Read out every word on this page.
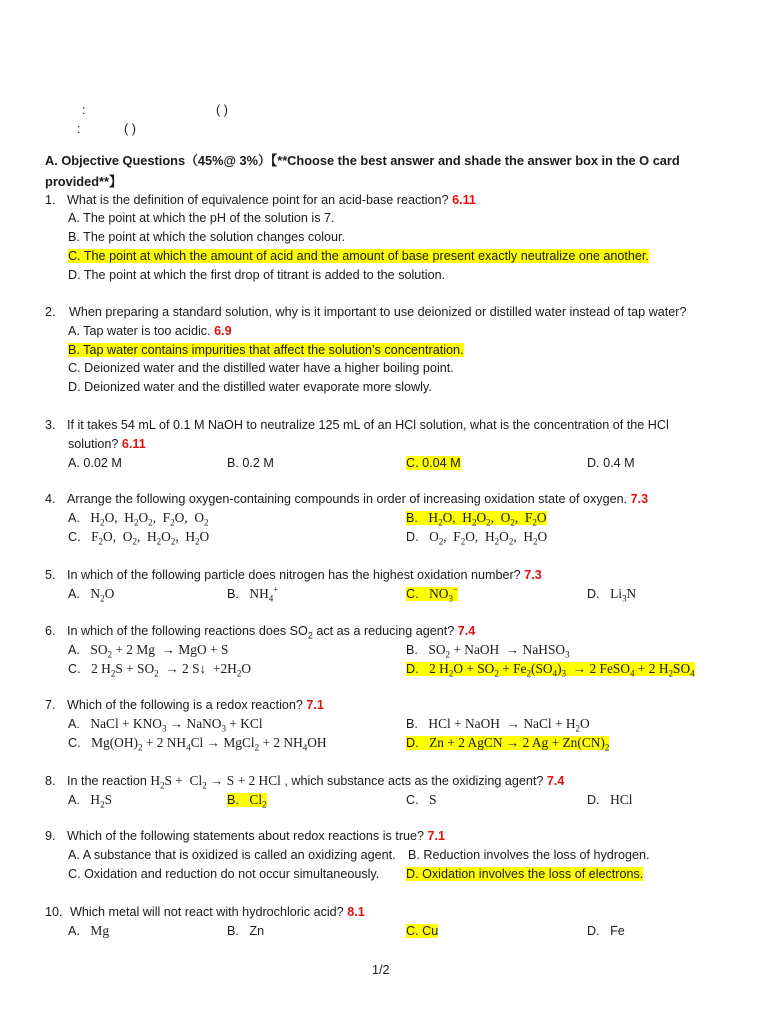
:	( )
:	( )
A. Objective Questions（45%@ 3%）【**Choose the best answer and shade the answer box in the O card
provided**】
1. What is the definition of equivalence point for an acid-base reaction? 6.11
A. The point at which the pH of the solution is 7.
B. The point at which the solution changes colour.
C. The point at which the amount of acid and the amount of base present exactly neutralize one another.
D. The point at which the first drop of titrant is added to the solution.
2. When preparing a standard solution, why is it important to use deionized or distilled water instead of tap water?
A. Tap water is too acidic. 6.9
B. Tap water contains impurities that affect the solution’s concentration.
C. Deionized water and the distilled water have a higher boiling point.
D. Deionized water and the distilled water evaporate more slowly.
3. If it takes 54 mL of 0.1 M NaOH to neutralize 125 mL of an HCl solution, what is the concentration of the HCl
solution? 6.11
A. 0.02 M	B. 0.2 M	C. 0.04 M	D. 0.4 M
4. Arrange the following oxygen-containing compounds in order of increasing oxidation state of oxygen. 7.3
A.   $H_2O$,  $H_2O_2$,  $F_2O$,  $O_2$	B.   $H_2O$,  $H_2O_2$,  $O_2$,  $F_2O$
C.   $F_2O$,  $O_2$,  $H_2O_2$,  $H_2O$	D.   $O_2$,  $F_2O$,  $H_2O_2$,  $H_2O$
5. In which of the following particle does nitrogen has the highest oxidation number? 7.3
A.   $N_2O$	B.   $NH_4^+$	C.   $NO_3^-$	D.   $Li_3N$
6. In which of the following reactions does $SO_2$ act as a reducing agent? 7.4
A.   $SO_2 + 2$ Mg  → MgO + S	B.   $SO_2$ + NaOH  → NaHSO$_3$
C.   2 $H_2S + SO_2 \to 2$ S↓  $+2H_2O$	D.   2 $H_2O + SO_2 + Fe_2(SO_4)_3 \to 2$ FeSO$_4$ + 2 $H_2SO_4$
7. Which of the following is a redox reaction? 7.1
A.   NaCl + $KNO_3$ → NaNO$_3$ + KCl	B.   HCl + NaOH  → NaCl + $H_2O$
C.   $Mg(OH)_2 + 2$ $NH_4Cl$ → MgCl$_2$ + 2 $NH_4OH$	D.   Zn + 2 AgCN → 2 $Ag + Zn(CN)_2$
8. In the reaction $H_2S + Cl_2 \to S + 2$ HCl , which substance acts as the oxidizing agent? 7.4
A.   $H_2S$	B.   $Cl_2$	C.   S	D.   HCl
9. Which of the following statements about redox reactions is true? 7.1
A. A substance that is oxidized is called an oxidizing agent. B. Reduction involves the loss of hydrogen.
C. Oxidation and reduction do not occur simultaneously. D. Oxidation involves the loss of electrons.
10. Which metal will not react with hydrochloric acid? 8.1
A. Mg	B. Zn	C. Cu	D. Fe
1/2
